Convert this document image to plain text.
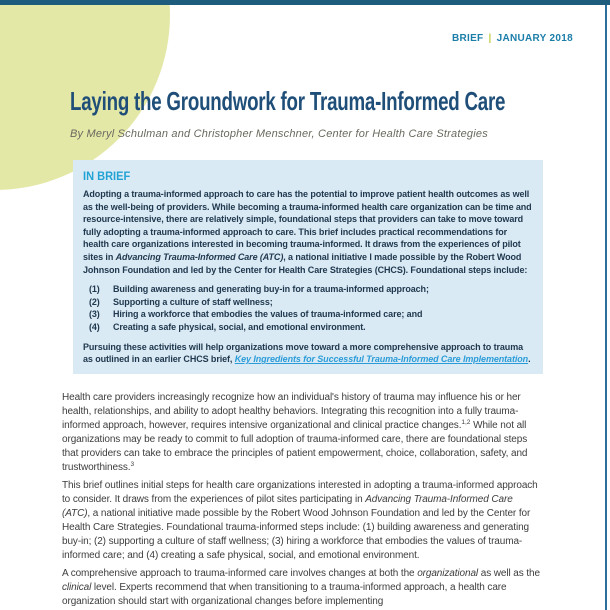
BRIEF | JANUARY 2018
Laying the Groundwork for Trauma-Informed Care
By Meryl Schulman and Christopher Menschner, Center for Health Care Strategies
IN BRIEF

Adopting a trauma-informed approach to care has the potential to improve patient health outcomes as well as the well-being of providers. While becoming a trauma-informed health care organization can be time and resource-intensive, there are relatively simple, foundational steps that providers can take to move toward fully adopting a trauma-informed approach to care. This brief includes practical recommendations for health care organizations interested in becoming trauma-informed. It draws from the experiences of pilot sites in Advancing Trauma-Informed Care (ATC), a national initiative l made possible by the Robert Wood Johnson Foundation and led by the Center for Health Care Strategies (CHCS). Foundational steps include:

(1)	Building awareness and generating buy-in for a trauma-informed approach;
(2)	Supporting a culture of staff wellness;
(3)	Hiring a workforce that embodies the values of trauma-informed care; and
(4)	Creating a safe physical, social, and emotional environment.

Pursuing these activities will help organizations move toward a more comprehensive approach to trauma as outlined in an earlier CHCS brief, Key Ingredients for Successful Trauma-Informed Care Implementation.

Health care providers increasingly recognize how an individual's history of trauma may influence his or her health, relationships, and ability to adopt healthy behaviors. Integrating this recognition into a fully trauma-informed approach, however, requires intensive organizational and clinical practice changes.$^{1,2}$ While not all organizations may be ready to commit to full adoption of trauma-informed care, there are foundational steps that providers can take to embrace the principles of patient empowerment, choice, collaboration, safety, and trustworthiness.$^3$

This brief outlines initial steps for health care organizations interested in adopting a trauma-informed approach to consider. It draws from the experiences of pilot sites participating in Advancing Trauma-Informed Care (ATC), a national initiative made possible by the Robert Wood Johnson Foundation and led by the Center for Health Care Strategies. Foundational trauma-informed steps include: (1) building awareness and generating buy-in; (2) supporting a culture of staff wellness; (3) hiring a workforce that embodies the values of trauma-informed care; and (4) creating a safe physical, social, and emotional environment.

A comprehensive approach to trauma-informed care involves changes at both the organizational as well as the clinical level. Experts recommend that when transitioning to a trauma-informed approach, a health care organization should start with organizational changes before implementing
